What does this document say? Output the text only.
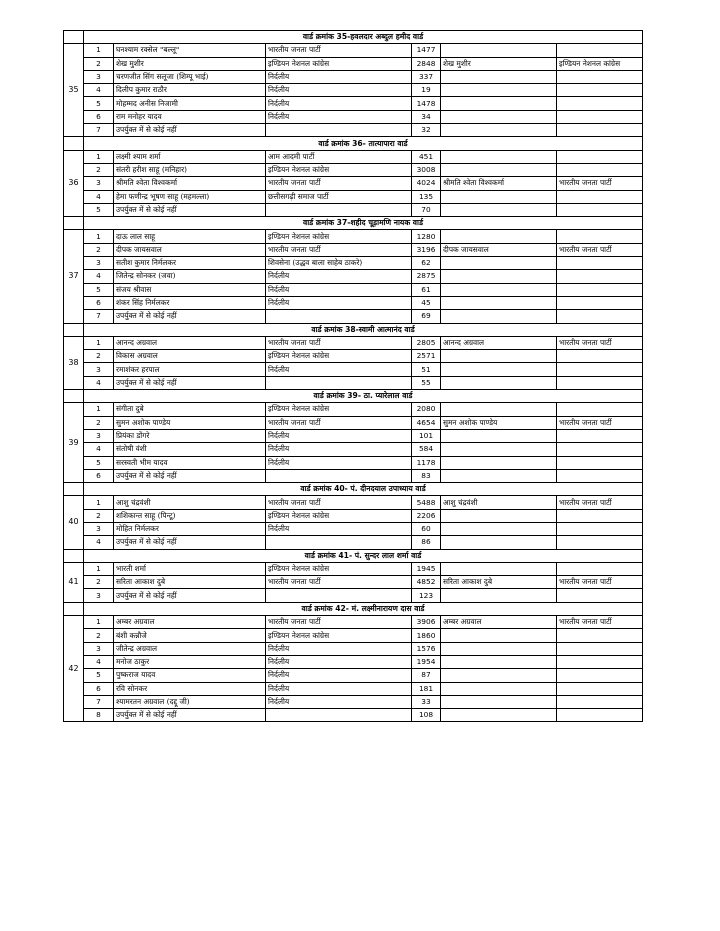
	वार्ड क्रमांक 35-हवलदार अब्दुल हमीद वार्ड					
35	1	घनश्याम रक्सेल "बल्लू"	भारतीय जनता पार्टी	1477		
	2	शेख मुशीर	इण्डियन नेशनल कांग्रेस	2848	शेख मुशीर	इण्डियन नेशनल कांग्रेस
	3	चरणजीत सिंग सलूजा (शिम्पू भाई)	निर्दलीय	337		
	4	दिलीप कुमार राठौर	निर्दलीय	19		
	5	मोहम्मद अनीस निजामी	निर्दलीय	1478		
	6	राम मनोहर यादव	निर्दलीय	34		
	7	उपर्युक्त में से कोई नहीं		32		
	वार्ड क्रमांक 36- तात्यापारा वार्ड					
36	1	लक्ष्मी श्याम शर्मा	आम आदमी पार्टी	451		
	2	संतरी हरीश साहू (मनिहार)	इण्डियन नेशनल कांग्रेस	3008		
	3	श्रीमति श्वेता विश्वकर्मा	भारतीय जनता पार्टी	4024	श्रीमति श्वेता विश्वकर्मा	भारतीय जनता पार्टी
	4	हेमा फणीन्द्र भूषण साहू (महमल्ला)	छत्तीसगढ़ी समाज पार्टी	135		
	5	उपर्युक्त में से कोई नहीं		70		
	वार्ड क्रमांक 37-शहीद चूड़ामणि नायक वार्ड					
37	1	दाऊ लाल साहू	इण्डियन नेशनल कांग्रेस	1280		
	2	दीपक जायसवाल	भारतीय जनता पार्टी	3196	दीपक जायसवाल	भारतीय जनता पार्टी
	3	सतीश कुमार निर्मलकर	शिवसेना (उद्धव बाला साहेब ठाकरे)	62		
	4	जितेन्द्र सोनकर (जवा)	निर्दलीय	2875		
	5	संजय श्रीवास	निर्दलीय	61		
	6	शंकर सिंह निर्मलकर	निर्दलीय	45		
	7	उपर्युक्त में से कोई नहीं		69		
	वार्ड क्रमांक 38-स्वामी आत्मानंद वार्ड					
38	1	आनन्द अग्रवाल	भारतीय जनता पार्टी	2805	आनन्द अग्रवाल	भारतीय जनता पार्टी
	2	विकास अग्रवाल	इण्डियन नेशनल कांग्रेस	2571		
	3	रमाशंकर हरपाल	निर्दलीय	51		
	4	उपर्युक्त में से कोई नहीं		55		
	वार्ड क्रमांक 39- ठा. प्यारेलाल वार्ड					
39	1	संगीता दुबे	इण्डियन नेशनल कांग्रेस	2080		
	2	सुमन अशोक पाण्डेय	भारतीय जनता पार्टी	4654	सुमन अशोक पाण्डेय	भारतीय जनता पार्टी
	3	प्रियंका डोंगरे	निर्दलीय	101		
	4	संतोषी वंशी	निर्दलीय	584		
	5	सरस्वती भीम यादव	निर्दलीय	1178		
	6	उपर्युक्त में से कोई नहीं		83		
	वार्ड क्रमांक 40- पं. दीनदयाल उपाध्याय वार्ड					
40	1	आशु चंद्रवंशी	भारतीय जनता पार्टी	5488	आशु चंद्रवंशी	भारतीय जनता पार्टी
	2	शशिकान्त साहू (पिन्टू)	इण्डियन नेशनल कांग्रेस	2206		
	3	मोहित निर्मलकर	निर्दलीय	60		
	4	उपर्युक्त में से कोई नहीं		86		
	वार्ड क्रमांक 41- पं. सुन्दर लाल शर्मा वार्ड					
41	1	भारती शर्मा	इण्डियन नेशनल कांग्रेस	1945		
	2	सरिता आकाश दुबे	भारतीय जनता पार्टी	4852	सरिता आकाश दुबे	भारतीय जनता पार्टी
	3	उपर्युक्त में से कोई नहीं		123		
	वार्ड क्रमांक 42- मं. लक्ष्मीनारायण दास वार्ड					
42	1	अम्बर अग्रवाल	भारतीय जनता पार्टी	3906	अम्बर अग्रवाल	भारतीय जनता पार्टी
	2	बंशी कन्नौजे	इण्डियन नेशनल कांग्रेस	1860		
	3	जीतेन्द्र अग्रवाल	निर्दलीय	1576		
	4	मनोज ठाकुर	निर्दलीय	1954		
	5	पुष्कराज यादव	निर्दलीय	87		
	6	रवि सोनकर	निर्दलीय	181		
	7	श्यामरतन अग्रवाल (दद्दू जी)	निर्दलीय	33		
	8	उपर्युक्त में से कोई नहीं		108		
